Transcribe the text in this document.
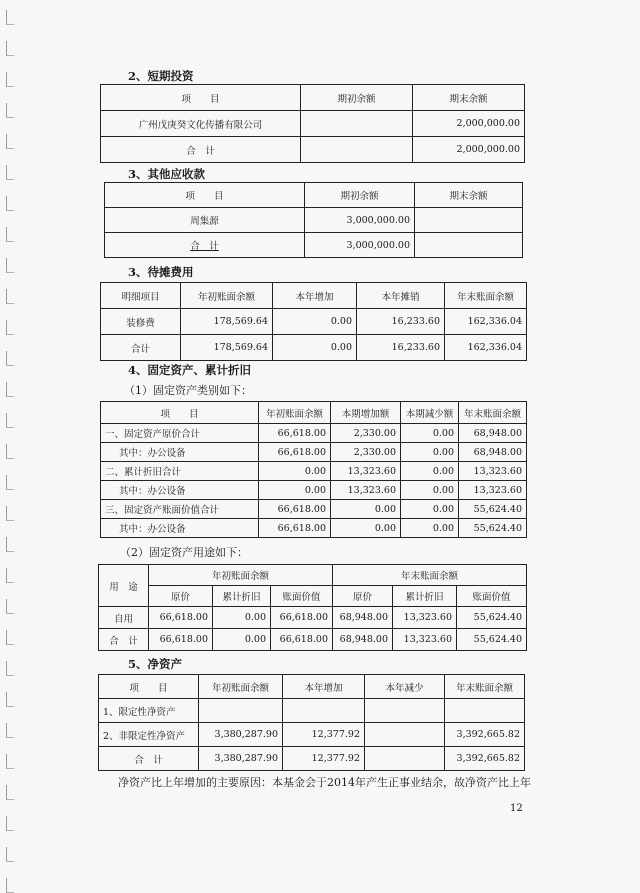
2、短期投资
项　　目	期初余额	期末余额
广州戊庚癸文化传播有限公司		2,000,000.00
合　计		2,000,000.00
3、其他应收款
项　　目	期初余额	期末余额
周集源	3,000,000.00	
合　计	3,000,000.00	
3、待摊费用
明细项目	年初账面余额	本年增加	本年摊销	年末账面余额
装修费	178,569.64	0.00	16,233.60	162,336.04
合计	178,569.64	0.00	16,233.60	162,336.04
4、固定资产、累计折旧
（1）固定资产类别如下：
项　　目	年初账面余额	本期增加额	本期减少额	年末账面余额
一、固定资产原价合计	66,618.00	2,330.00	0.00	68,948.00
其中：办公设备	66,618.00	2,330.00	0.00	68,948.00
二、累计折旧合计	0.00	13,323.60	0.00	13,323.60
其中：办公设备	0.00	13,323.60	0.00	13,323.60
三、固定资产账面价值合计	66,618.00	0.00	0.00	55,624.40
其中：办公设备	66,618.00	0.00	0.00	55,624.40
（2）固定资产用途如下：
用　途	年初账面余额			年末账面余额		
	原价	累计折旧	账面价值	原价	累计折旧	账面价值
自用	66,618.00	0.00	66,618.00	68,948.00	13,323.60	55,624.40
合　计	66,618.00	0.00	66,618.00	68,948.00	13,323.60	55,624.40
5、净资产
项　　目	年初账面余额	本年增加	本年减少	年末账面余额
1、限定性净资产				
2、非限定性净资产	3,380,287.90	12,377.92		3,392,665.82
合　计	3,380,287.90	12,377.92		3,392,665.82
净资产比上年增加的主要原因：本基金会于2014年产生正事业结余，故净资产比上年
12
